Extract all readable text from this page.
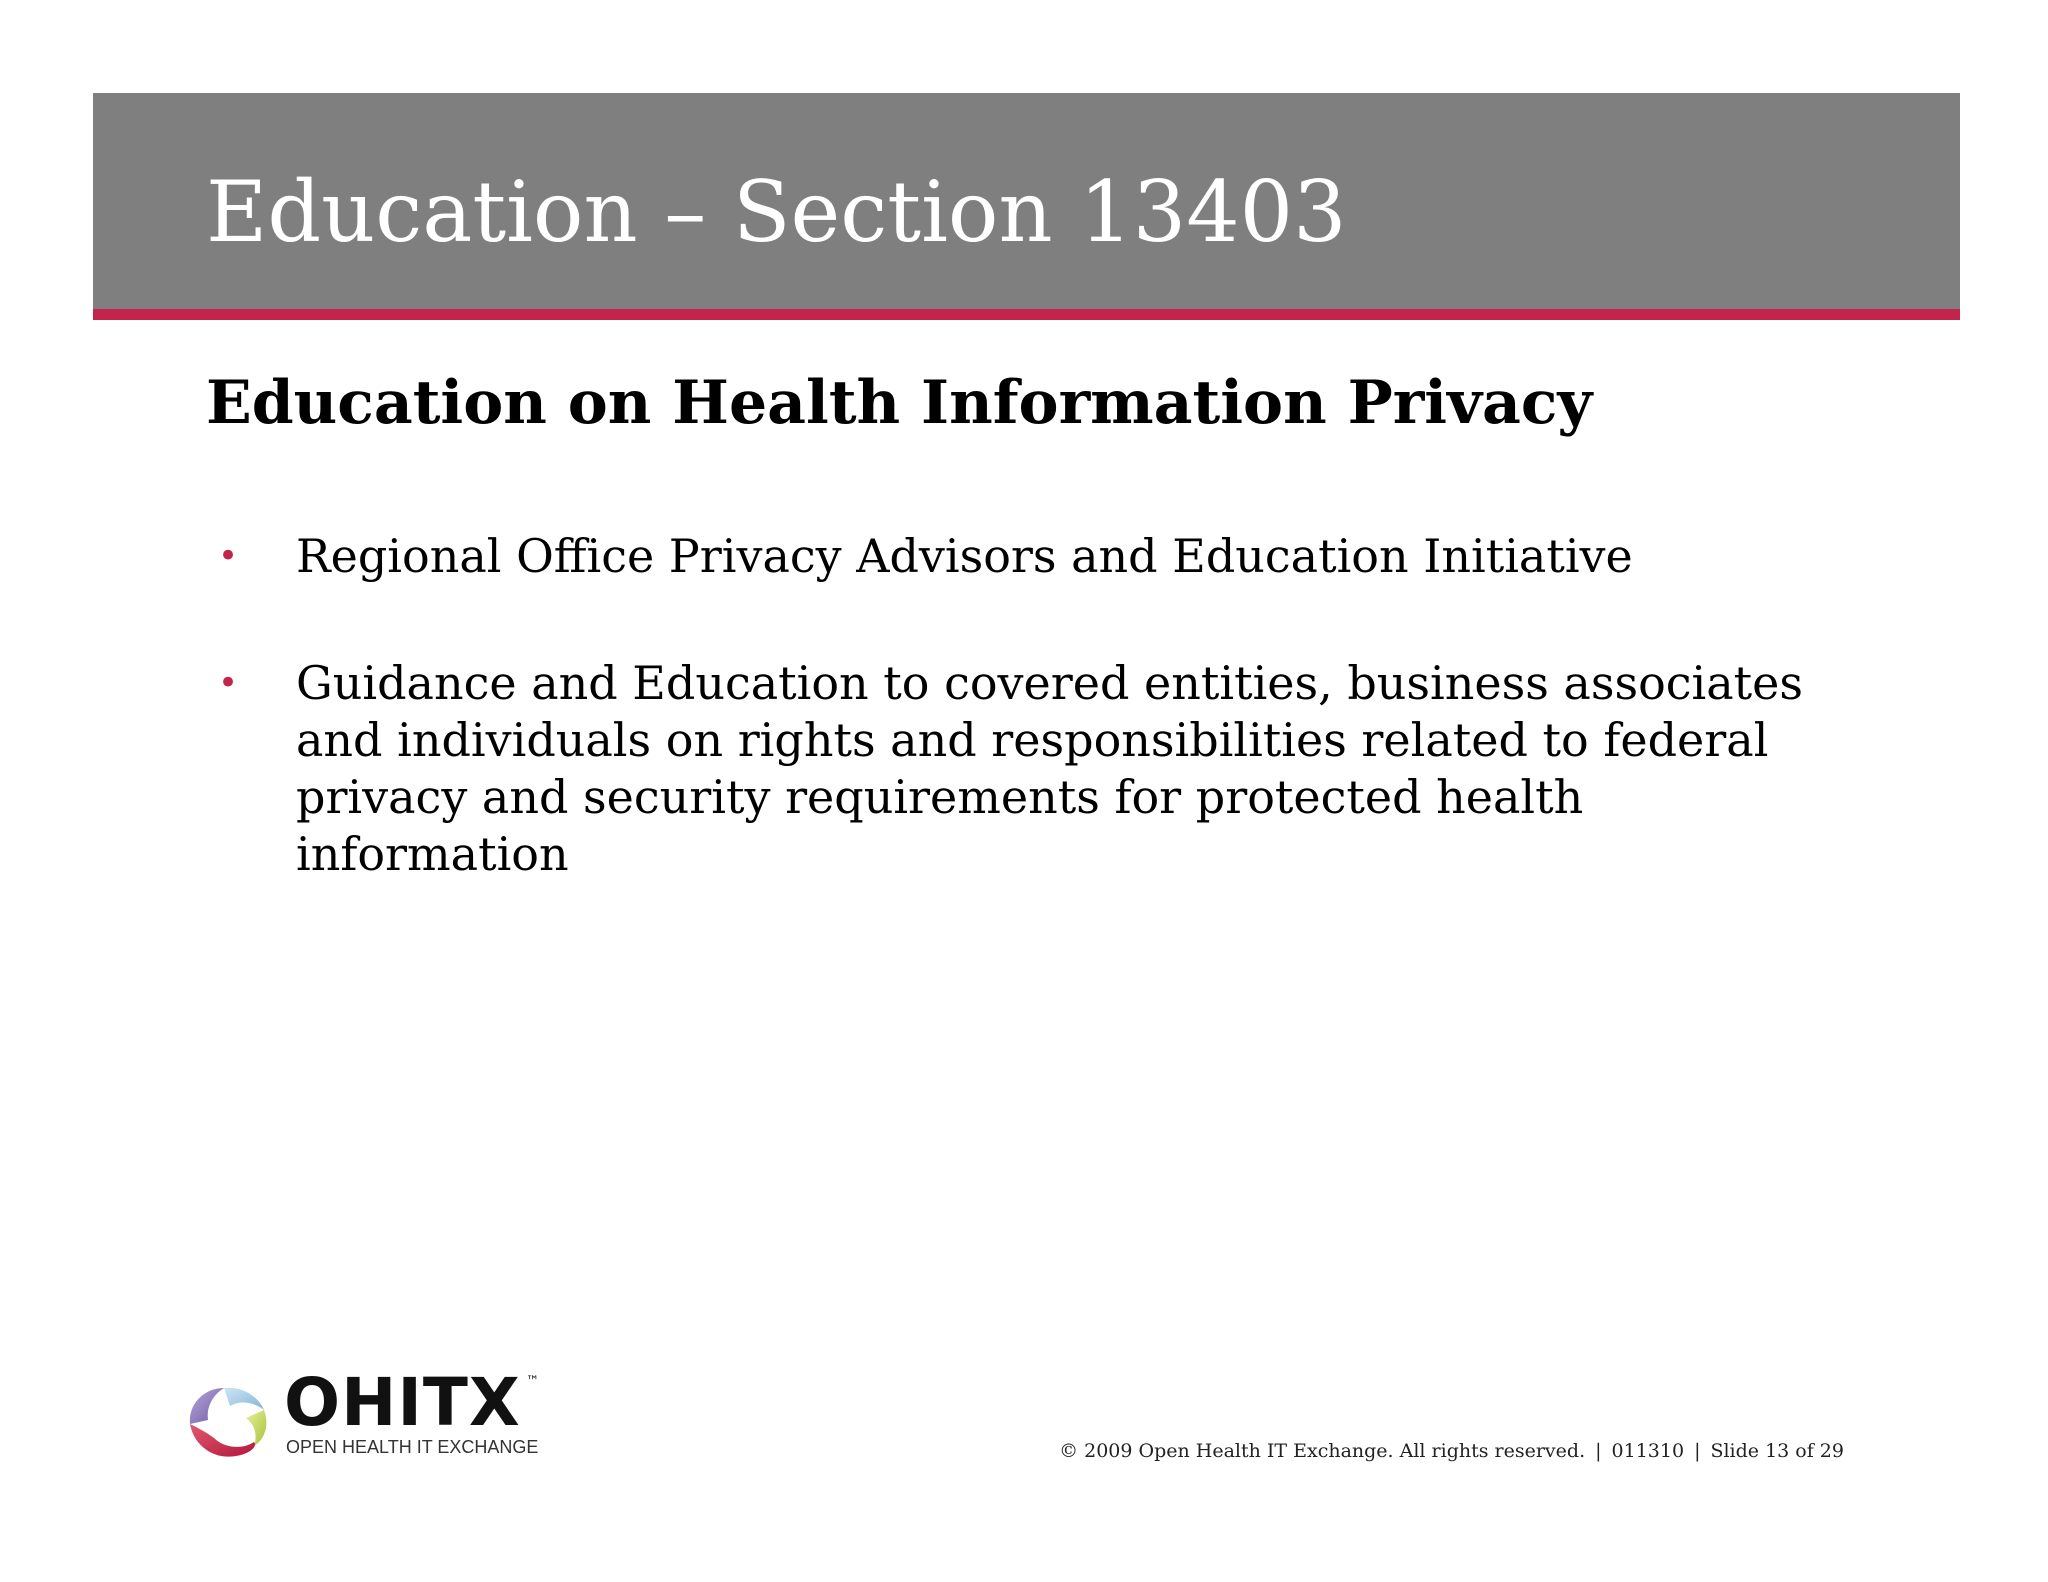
Education – Section 13403
Education on Health Information Privacy
• Regional Office Privacy Advisors and Education Initiative
• Guidance and Education to covered entities, business associates and individuals on rights and responsibilities related to federal privacy and security requirements for protected health information
OHITX ™
OPEN HEALTH IT EXCHANGE	© 2009 Open Health IT Exchange. All rights reserved. | 011310 | Slide 13 of 29
